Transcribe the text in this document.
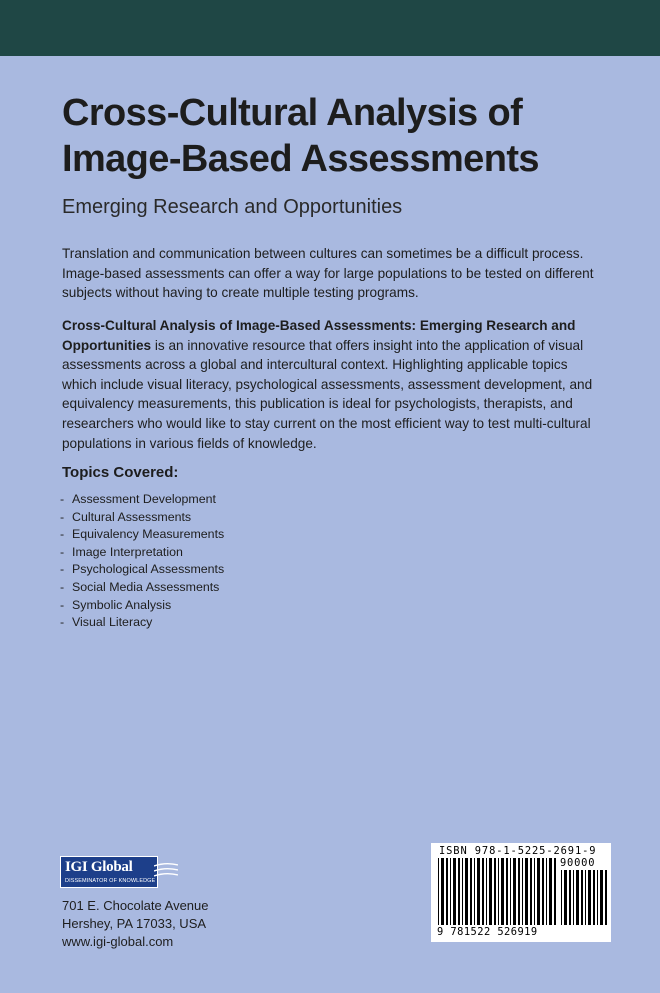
Cross-Cultural Analysis of
Image-Based Assessments

Emerging Research and Opportunities

Translation and communication between cultures can sometimes be a difficult process. Image-based assessments can offer a way for large populations to be tested on different subjects without having to create multiple testing programs.

Cross-Cultural Analysis of Image-Based Assessments: Emerging Research and Opportunities is an innovative resource that offers insight into the application of visual assessments across a global and intercultural context. Highlighting applicable topics which include visual literacy, psychological assessments, assessment development, and equivalency measurements, this publication is ideal for psychologists, therapists, and researchers who would like to stay current on the most efficient way to test multi-cultural populations in various fields of knowledge.

Topics Covered:
- Assessment Development
- Cultural Assessments
- Equivalency Measurements
- Image Interpretation
- Psychological Assessments
- Social Media Assessments
- Symbolic Analysis
- Visual Literacy
IGI Global
DISSEMINATOR OF KNOWLEDGE
701 E. Chocolate Avenue
Hershey, PA 17033, USA
www.igi-global.com
ISBN 978-1-5225-2691-9
90000
9 781522 526919
